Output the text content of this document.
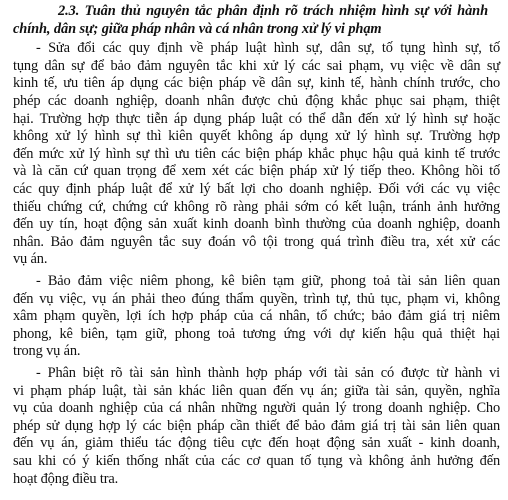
2.3. Tuân thủ nguyên tắc phân định rõ trách nhiệm hình sự với hành
chính, dân sự; giữa pháp nhân và cá nhân trong xử lý vi phạm
- Sửa đổi các quy định về pháp luật hình sự, dân sự, tố tụng hình sự, tố
tụng dân sự để bảo đảm nguyên tắc khi xử lý các sai phạm, vụ việc về dân sự
kinh tế, ưu tiên áp dụng các biện pháp về dân sự, kinh tế, hành chính trước, cho
phép các doanh nghiệp, doanh nhân được chủ động khắc phục sai phạm, thiệt
hại. Trường hợp thực tiễn áp dụng pháp luật có thể dẫn đến xử lý hình sự hoặc
không xử lý hình sự thì kiên quyết không áp dụng xử lý hình sự. Trường hợp
đến mức xử lý hình sự thì ưu tiên các biện pháp khắc phục hậu quả kinh tế trước
và là căn cứ quan trọng để xem xét các biện pháp xử lý tiếp theo. Không hồi tố
các quy định pháp luật để xử lý bất lợi cho doanh nghiệp. Đối với các vụ việc
thiếu chứng cứ, chứng cứ không rõ ràng phải sớm có kết luận, tránh ảnh hưởng
đến uy tín, hoạt động sản xuất kinh doanh bình thường của doanh nghiệp, doanh
nhân. Bảo đảm nguyên tắc suy đoán vô tội trong quá trình điều tra, xét xử các
vụ án.
- Bảo đảm việc niêm phong, kê biên tạm giữ, phong toả tài sản liên quan
đến vụ việc, vụ án phải theo đúng thẩm quyền, trình tự, thủ tục, phạm vi, không
xâm phạm quyền, lợi ích hợp pháp của cá nhân, tổ chức; bảo đảm giá trị niêm
phong, kê biên, tạm giữ, phong toả tương ứng với dự kiến hậu quả thiệt hại
trong vụ án.
- Phân biệt rõ tài sản hình thành hợp pháp với tài sản có được từ hành vi
vi phạm pháp luật, tài sản khác liên quan đến vụ án; giữa tài sản, quyền, nghĩa
vụ của doanh nghiệp của cá nhân những người quản lý trong doanh nghiệp. Cho
phép sử dụng hợp lý các biện pháp cần thiết để bảo đảm giá trị tài sản liên quan
đến vụ án, giảm thiểu tác động tiêu cực đến hoạt động sản xuất - kinh doanh,
sau khi có ý kiến thống nhất của các cơ quan tố tụng và không ảnh hưởng đến
hoạt động điều tra.
